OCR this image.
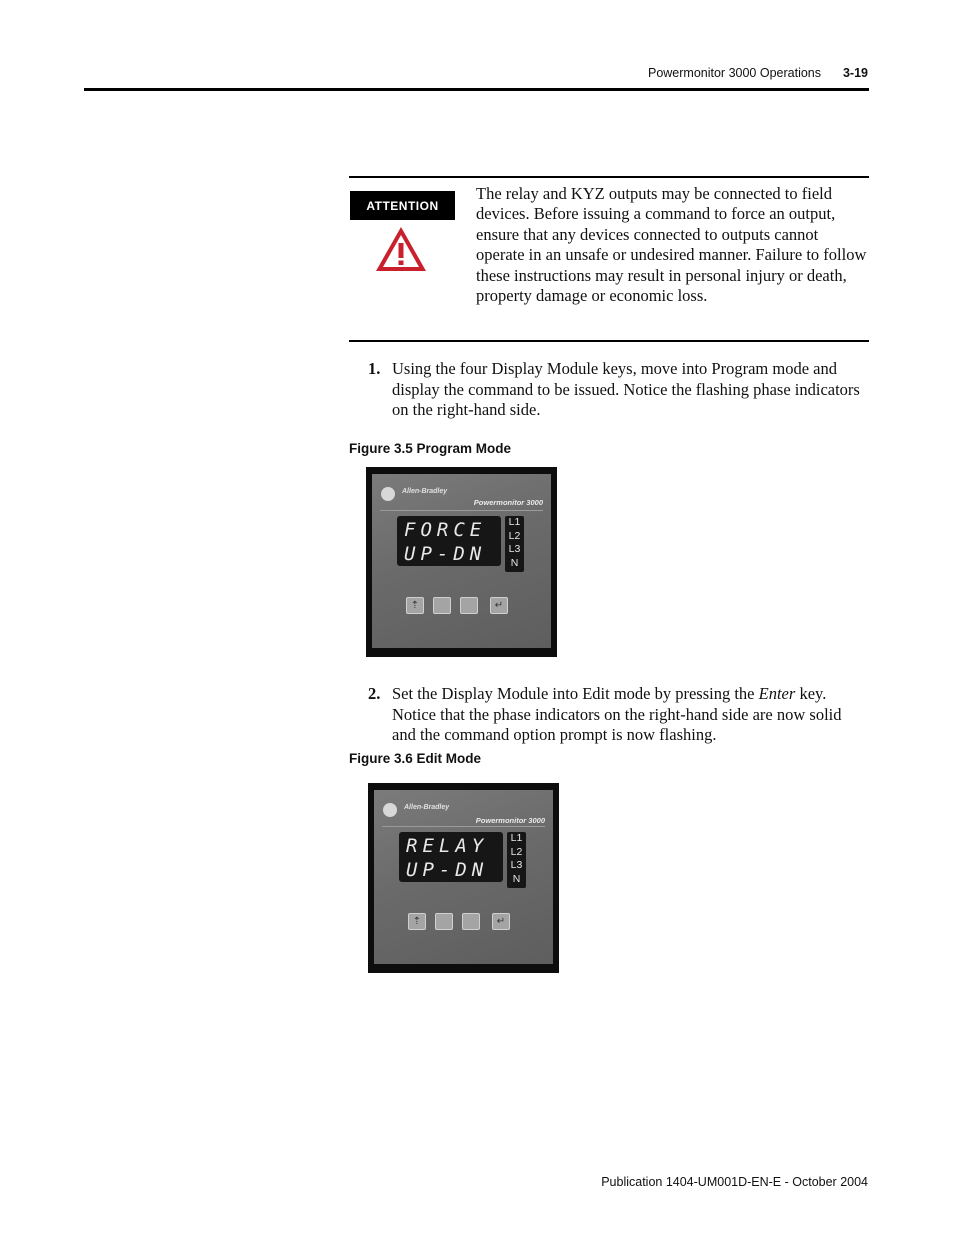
Powermonitor 3000 Operations 3-19
ATTENTION
The relay and KYZ outputs may be connected to field devices. Before issuing a command to force an output, ensure that any devices connected to outputs cannot operate in an unsafe or undesired manner. Failure to follow these instructions may result in personal injury or death, property damage or economic loss.
1. Using the four Display Module keys, move into Program mode and display the command to be issued. Notice the flashing phase indicators on the right-hand side.
Figure 3.5 Program Mode
Allen-Bradley
Powermonitor 3000
FORCE
UP-DN
L1
L2
L3
N
⇡	↵
2. Set the Display Module into Edit mode by pressing the Enter key. Notice that the phase indicators on the right-hand side are now solid and the command option prompt is now flashing.
Figure 3.6 Edit Mode
Allen-Bradley
Powermonitor 3000
RELAY
UP-DN
L1
L2
L3
N
⇡	↵
Publication 1404-UM001D-EN-E - October 2004
